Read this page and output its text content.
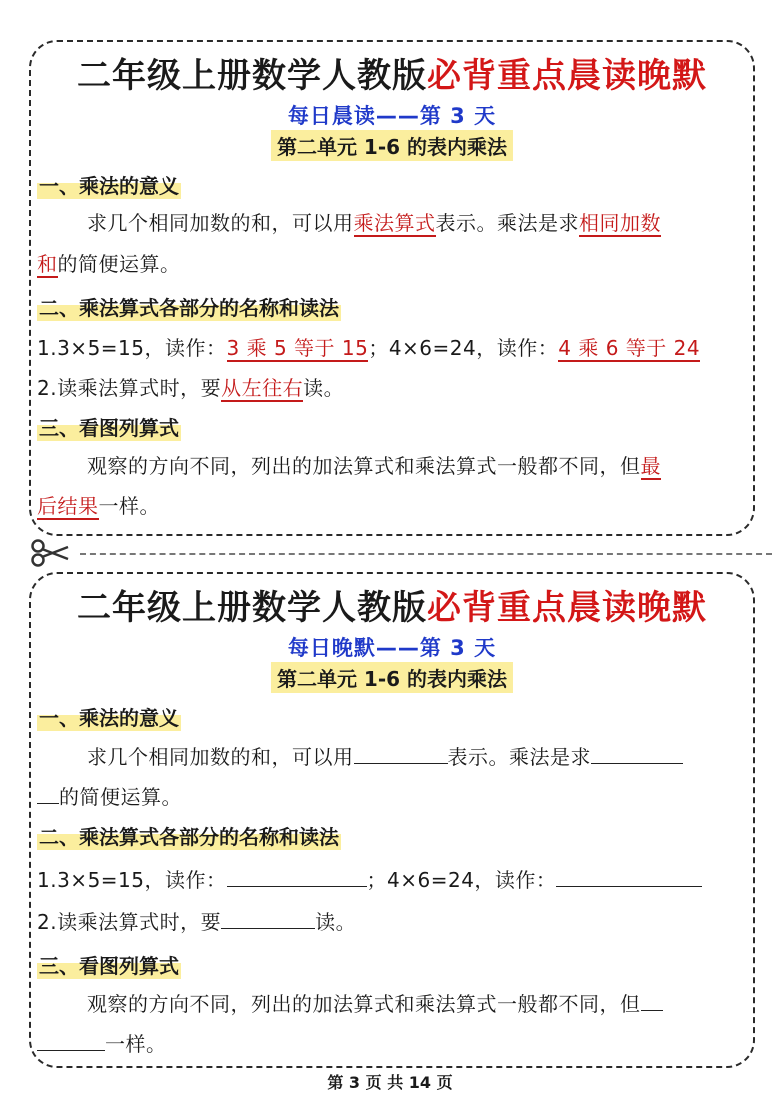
二年级上册数学人教版必背重点晨读晚默
每日晨读——第 3 天
第二单元 1-6 的表内乘法
一、乘法的意义
求几个相同加数的和，可以用乘法算式表示。乘法是求相同加数
和的简便运算。
二、乘法算式各部分的名称和读法
1.3×5=15，读作：3 乘 5 等于 15；4×6=24，读作：4 乘 6 等于 24
2.读乘法算式时，要从左往右读。
三、看图列算式
观察的方向不同，列出的加法算式和乘法算式一般都不同，但最
后结果一样。
二年级上册数学人教版必背重点晨读晚默
每日晚默——第 3 天
第二单元 1-6 的表内乘法
一、乘法的意义
求几个相同加数的和，可以用	表示。乘法是求
的简便运算。
二、乘法算式各部分的名称和读法
1.3×5=15，读作：	；4×6=24，读作：
2.读乘法算式时，要	读。
三、看图列算式
观察的方向不同，列出的加法算式和乘法算式一般都不同，但
一样。
第 3 页 共 14 页
